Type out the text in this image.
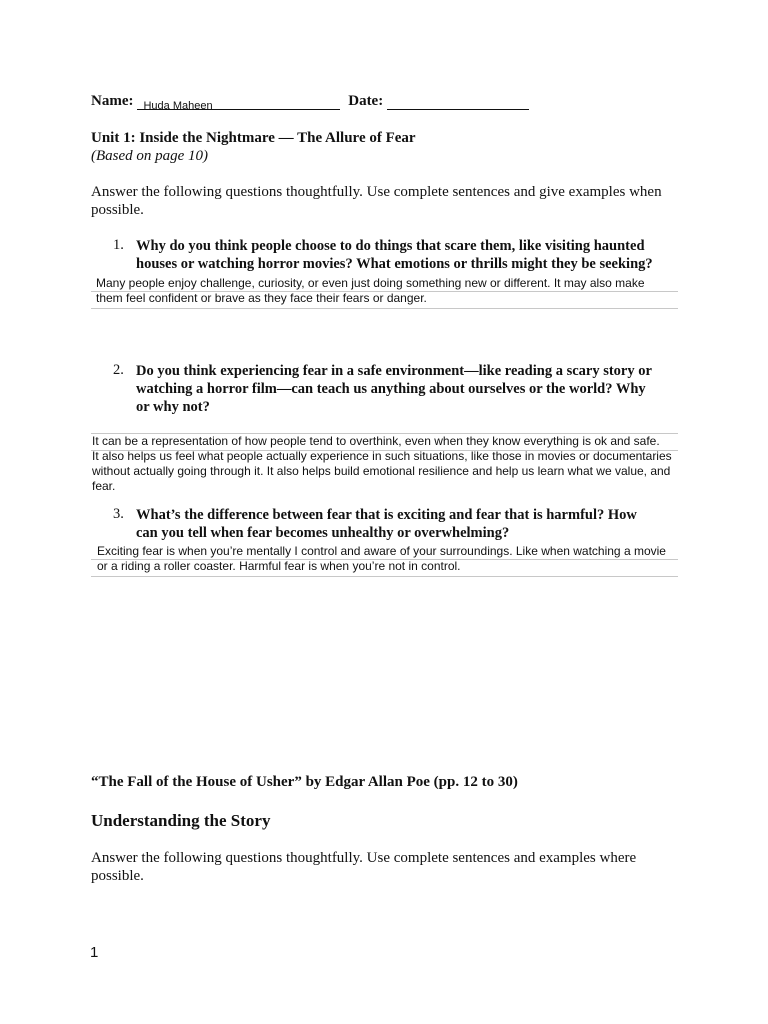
Name: Huda Maheen	Date:
Unit 1: Inside the Nightmare — The Allure of Fear
(Based on page 10)
Answer the following questions thoughtfully. Use complete sentences and give examples when
possible.
1. Why do you think people choose to do things that scare them, like visiting haunted
houses or watching horror movies? What emotions or thrills might they be seeking?
Many people enjoy challenge, curiosity, or even just doing something new or different. It may also make
them feel confident or brave as they face their fears or danger.
2. Do you think experiencing fear in a safe environment—like reading a scary story or
watching a horror film—can teach us anything about ourselves or the world? Why
or why not?
It can be a representation of how people tend to overthink, even when they know everything is ok and safe.
It also helps us feel what people actually experience in such situations, like those in movies or documentaries
without actually going through it. It also helps build emotional resilience and help us learn what we value, and
fear.
3. What’s the difference between fear that is exciting and fear that is harmful? How
can you tell when fear becomes unhealthy or overwhelming?
Exciting fear is when you’re mentally I control and aware of your surroundings. Like when watching a movie
or a riding a roller coaster. Harmful fear is when you’re not in control.
“The Fall of the House of Usher” by Edgar Allan Poe (pp. 12 to 30)
Understanding the Story
Answer the following questions thoughtfully. Use complete sentences and examples where
possible.
1
